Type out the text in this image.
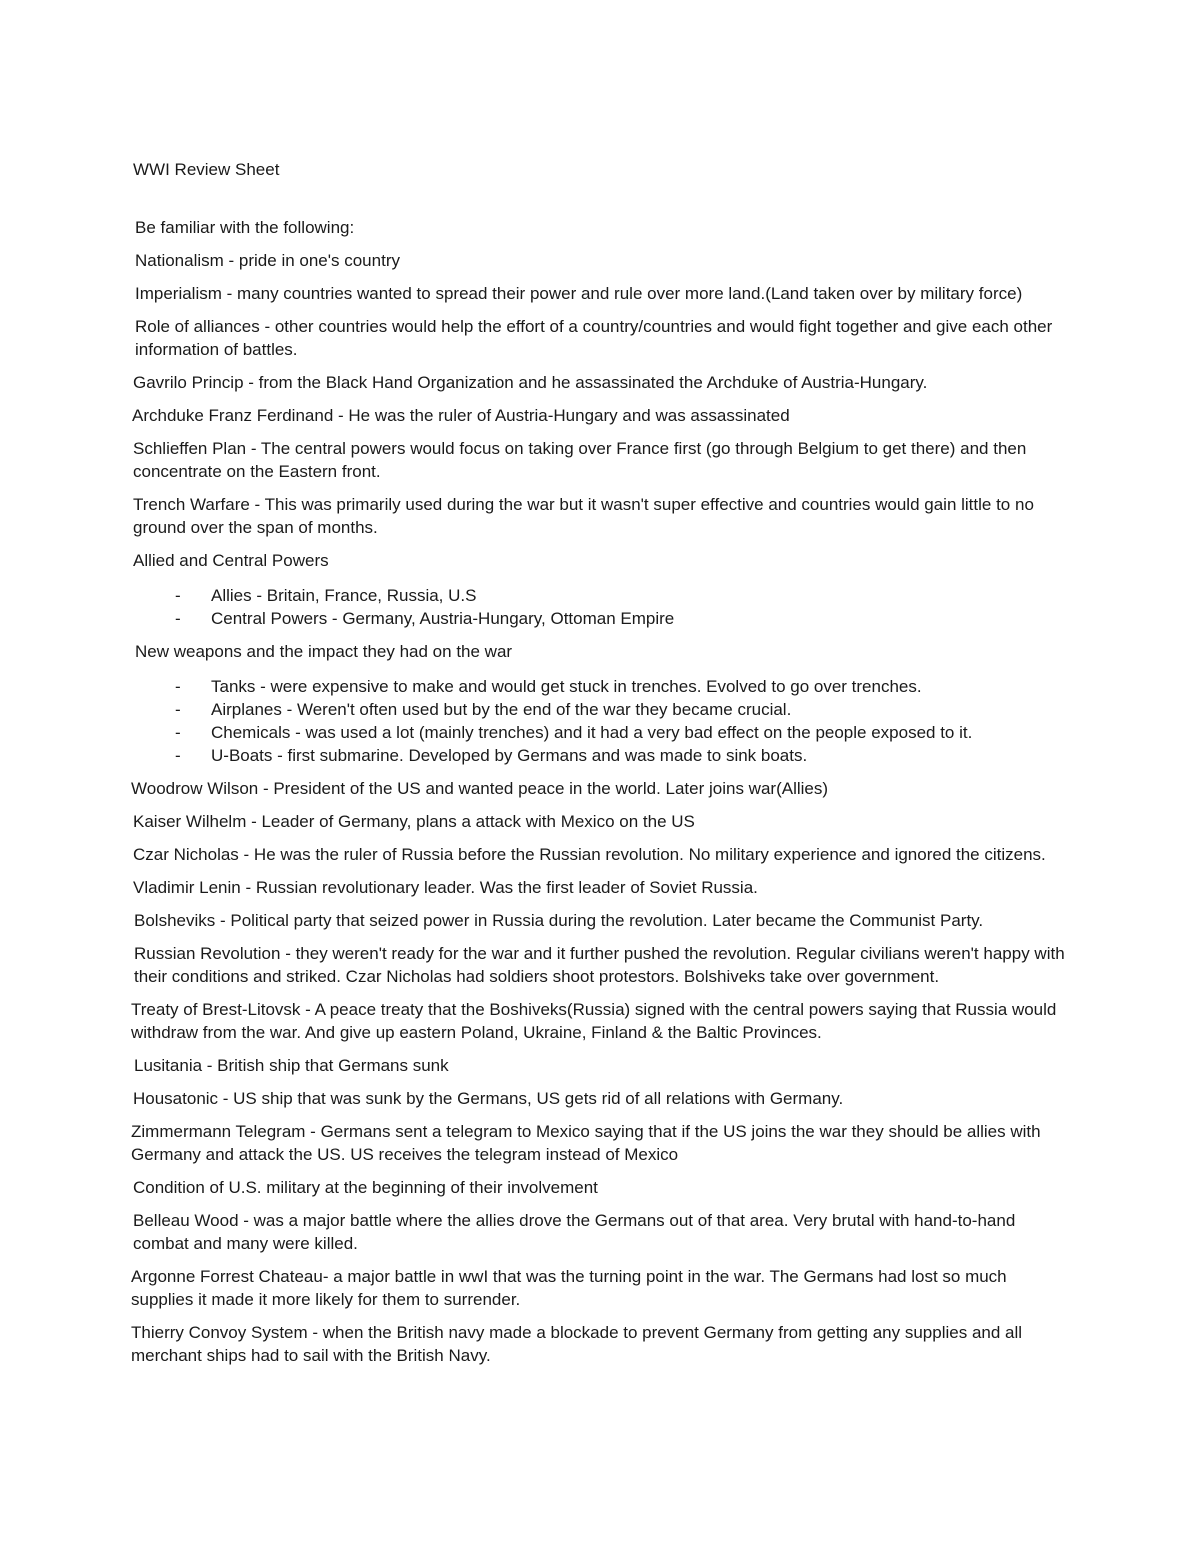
WWI Review Sheet
Be familiar with the following:
Nationalism - pride in one's country
Imperialism - many countries wanted to spread their power and rule over more land.(Land taken over by military force)
Role of alliances - other countries would help the effort of a country/countries and would fight together and give each other information of battles.
Gavrilo Princip - from the Black Hand Organization and he assassinated the Archduke of Austria-Hungary.
Archduke Franz Ferdinand - He was the ruler of Austria-Hungary and was assassinated
Schlieffen Plan - The central powers would focus on taking over France first (go through Belgium to get there) and then concentrate on the Eastern front.
Trench Warfare - This was primarily used during the war but it wasn't super effective and countries would gain little to no ground over the span of months.
Allied and Central Powers
- Allies - Britain, France, Russia, U.S
- Central Powers - Germany, Austria-Hungary, Ottoman Empire
New weapons and the impact they had on the war
- Tanks - were expensive to make and would get stuck in trenches. Evolved to go over trenches.
- Airplanes - Weren't often used but by the end of the war they became crucial.
- Chemicals - was used a lot (mainly trenches) and it had a very bad effect on the people exposed to it.
- U-Boats - first submarine. Developed by Germans and was made to sink boats.
Woodrow Wilson - President of the US and wanted peace in the world. Later joins war(Allies)
Kaiser Wilhelm - Leader of Germany, plans a attack with Mexico on the US
Czar Nicholas - He was the ruler of Russia before the Russian revolution. No military experience and ignored the citizens.
Vladimir Lenin - Russian revolutionary leader. Was the first leader of Soviet Russia.
Bolsheviks - Political party that seized power in Russia during the revolution. Later became the Communist Party.
Russian Revolution - they weren't ready for the war and it further pushed the revolution. Regular civilians weren't happy with their conditions and striked. Czar Nicholas had soldiers shoot protestors. Bolshiveks take over government.
Treaty of Brest-Litovsk - A peace treaty that the Boshiveks(Russia) signed with the central powers saying that Russia would withdraw from the war. And give up eastern Poland, Ukraine, Finland & the Baltic Provinces.
Lusitania - British ship that Germans sunk
Housatonic - US ship that was sunk by the Germans, US gets rid of all relations with Germany.
Zimmermann Telegram - Germans sent a telegram to Mexico saying that if the US joins the war they should be allies with Germany and attack the US. US receives the telegram instead of Mexico
Condition of U.S. military at the beginning of their involvement
Belleau Wood - was a major battle where the allies drove the Germans out of that area. Very brutal with hand-to-hand combat and many were killed.
Argonne Forrest Chateau- a major battle in wwI that was the turning point in the war. The Germans had lost so much supplies it made it more likely for them to surrender.
Thierry Convoy System - when the British navy made a blockade to prevent Germany from getting any supplies and all merchant ships had to sail with the British Navy.
